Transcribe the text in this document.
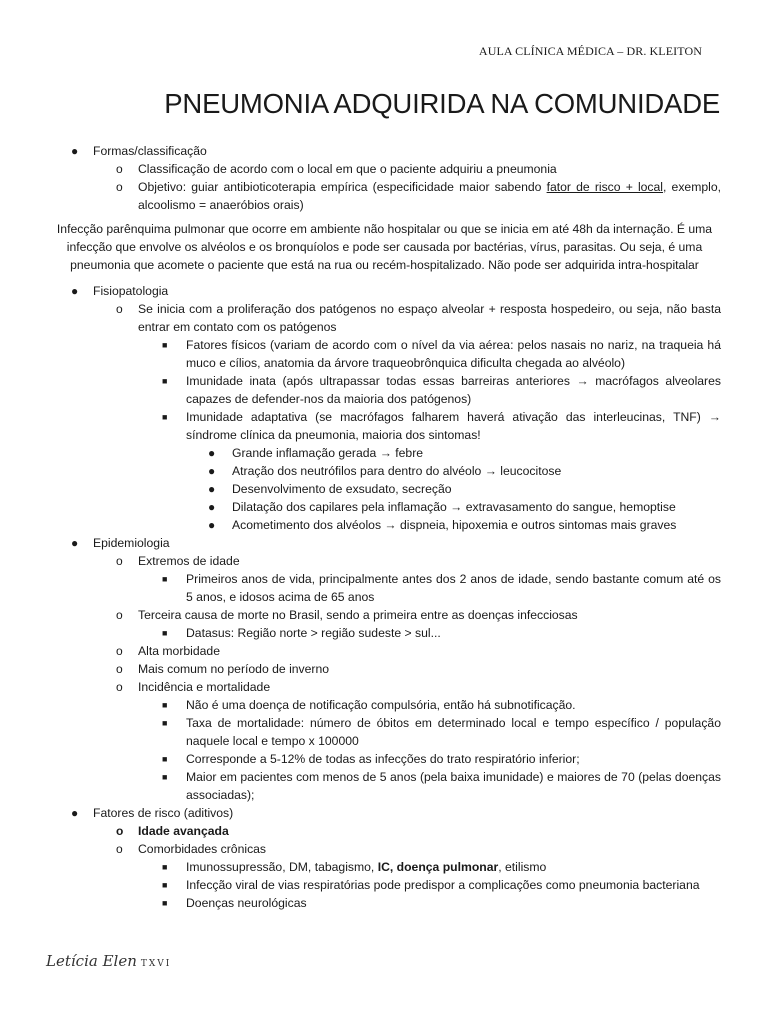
AULA CLÍNICA MÉDICA – DR. KLEITON
PNEUMONIA ADQUIRIDA NA COMUNIDADE
● Formas/classificação
o Classificação de acordo com o local em que o paciente adquiriu a pneumonia
o Objetivo: guiar antibioticoterapia empírica (especificidade maior sabendo fator de risco + local, exemplo, alcoolismo = anaeróbios orais)

Infecção parênquima pulmonar que ocorre em ambiente não hospitalar ou que se inicia em até 48h da internação. É uma infecção que envolve os alvéolos e os bronquíolos e pode ser causada por bactérias, vírus, parasitas. Ou seja, é uma pneumonia que acomete o paciente que está na rua ou recém-hospitalizado. Não pode ser adquirida intra-hospitalar

● Fisiopatologia
o Se inicia com a proliferação dos patógenos no espaço alveolar + resposta hospedeiro, ou seja, não basta entrar em contato com os patógenos
■ Fatores físicos (variam de acordo com o nível da via aérea: pelos nasais no nariz, na traqueia há muco e cílios, anatomia da árvore traqueobrônquica dificulta chegada ao alvéolo)
■ Imunidade inata (após ultrapassar todas essas barreiras anteriores → macrófagos alveolares capazes de defender-nos da maioria dos patógenos)
■ Imunidade adaptativa (se macrófagos falharem haverá ativação das interleucinas, TNF) → síndrome clínica da pneumonia, maioria dos sintomas!
● Grande inflamação gerada → febre
● Atração dos neutrófilos para dentro do alvéolo → leucocitose
● Desenvolvimento de exsudato, secreção
● Dilatação dos capilares pela inflamação → extravasamento do sangue, hemoptise
● Acometimento dos alvéolos → dispneia, hipoxemia e outros sintomas mais graves
● Epidemiologia
o Extremos de idade
■ Primeiros anos de vida, principalmente antes dos 2 anos de idade, sendo bastante comum até os 5 anos, e idosos acima de 65 anos
o Terceira causa de morte no Brasil, sendo a primeira entre as doenças infecciosas
■ Datasus: Região norte > região sudeste > sul...
o Alta morbidade
o Mais comum no período de inverno
o Incidência e mortalidade
■ Não é uma doença de notificação compulsória, então há subnotificação.
■ Taxa de mortalidade: número de óbitos em determinado local e tempo específico / população naquele local e tempo x 100000
■ Corresponde a 5-12% de todas as infecções do trato respiratório inferior;
■ Maior em pacientes com menos de 5 anos (pela baixa imunidade) e maiores de 70 (pelas doenças associadas);
● Fatores de risco (aditivos)
o Idade avançada
o Comorbidades crônicas
■ Imunossupressão, DM, tabagismo, IC, doença pulmonar, etilismo
■ Infecção viral de vias respiratórias pode predispor a complicações como pneumonia bacteriana
■ Doenças neurológicas
Letícia Elen TXVI
